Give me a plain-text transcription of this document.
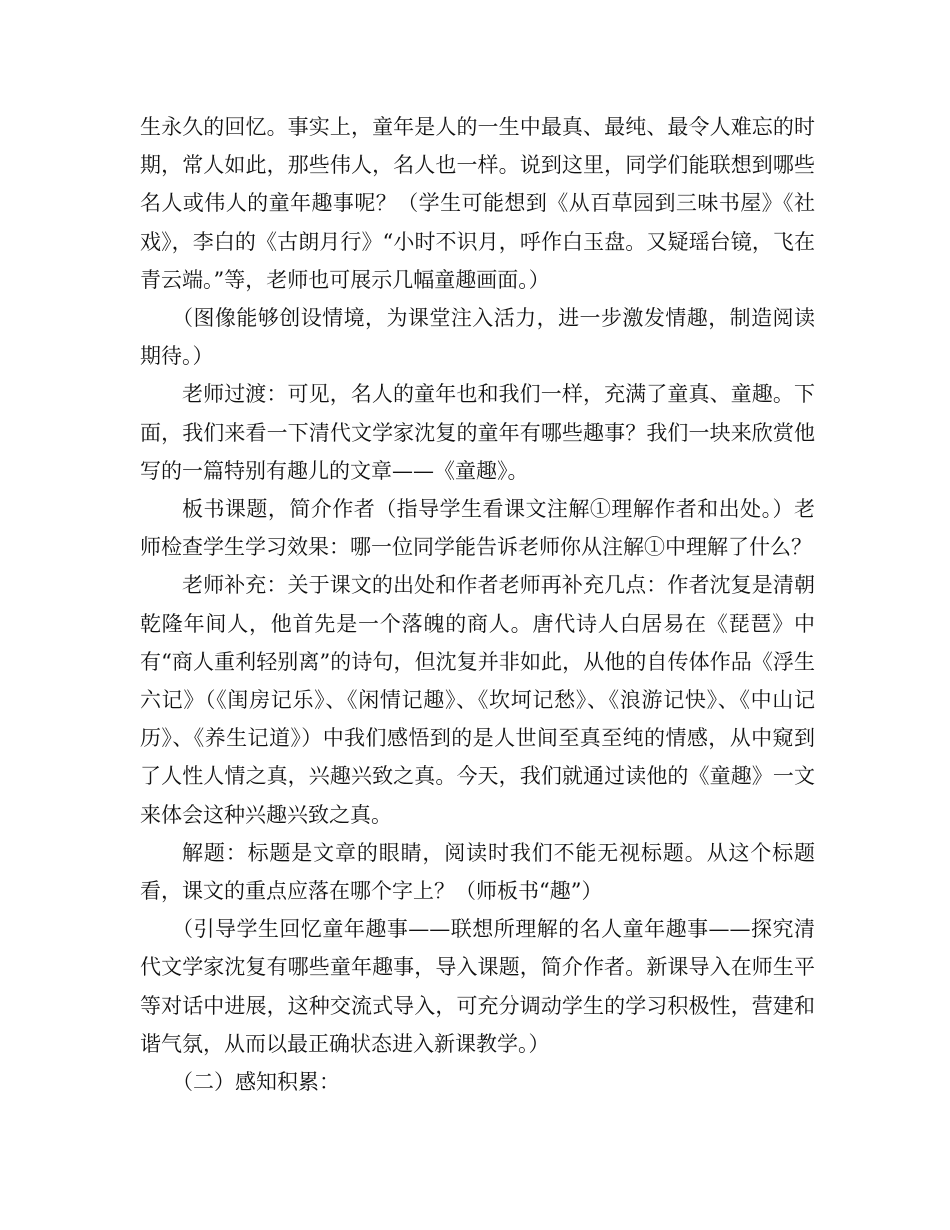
生永久的回忆。事实上，童年是人的一生中最真、最纯、最令人难忘的时期，常人如此，那些伟人，名人也一样。说到这里，同学们能联想到哪些名人或伟人的童年趣事呢？（学生可能想到《从百草园到三味书屋》《社戏》，李白的《古朗月行》“小时不识月，呼作白玉盘。又疑瑶台镜，飞在青云端。”等，老师也可展示几幅童趣画面。）

（图像能够创设情境，为课堂注入活力，进一步激发情趣，制造阅读期待。）

老师过渡：可见，名人的童年也和我们一样，充满了童真、童趣。下面，我们来看一下清代文学家沈复的童年有哪些趣事？我们一块来欣赏他写的一篇特别有趣儿的文章——《童趣》。

板书课题，简介作者（指导学生看课文注解①理解作者和出处。）老师检查学生学习效果：哪一位同学能告诉老师你从注解①中理解了什么？

老师补充：关于课文的出处和作者老师再补充几点：作者沈复是清朝乾隆年间人，他首先是一个落魄的商人。唐代诗人白居易在《琵琶》中有“商人重利轻别离”的诗句，但沈复并非如此，从他的自传体作品《浮生六记》（《闺房记乐》、《闲情记趣》、《坎坷记愁》、《浪游记快》、《中山记历》、《养生记道》）中我们感悟到的是人世间至真至纯的情感，从中窥到了人性人情之真，兴趣兴致之真。今天，我们就通过读他的《童趣》一文来体会这种兴趣兴致之真。

解题：标题是文章的眼睛，阅读时我们不能无视标题。从这个标题看，课文的重点应落在哪个字上？（师板书“趣”）

（引导学生回忆童年趣事——联想所理解的名人童年趣事——探究清代文学家沈复有哪些童年趣事，导入课题，简介作者。新课导入在师生平等对话中进展，这种交流式导入，可充分调动学生的学习积极性，营建和谐气氛，从而以最正确状态进入新课教学。）

（二）感知积累：
